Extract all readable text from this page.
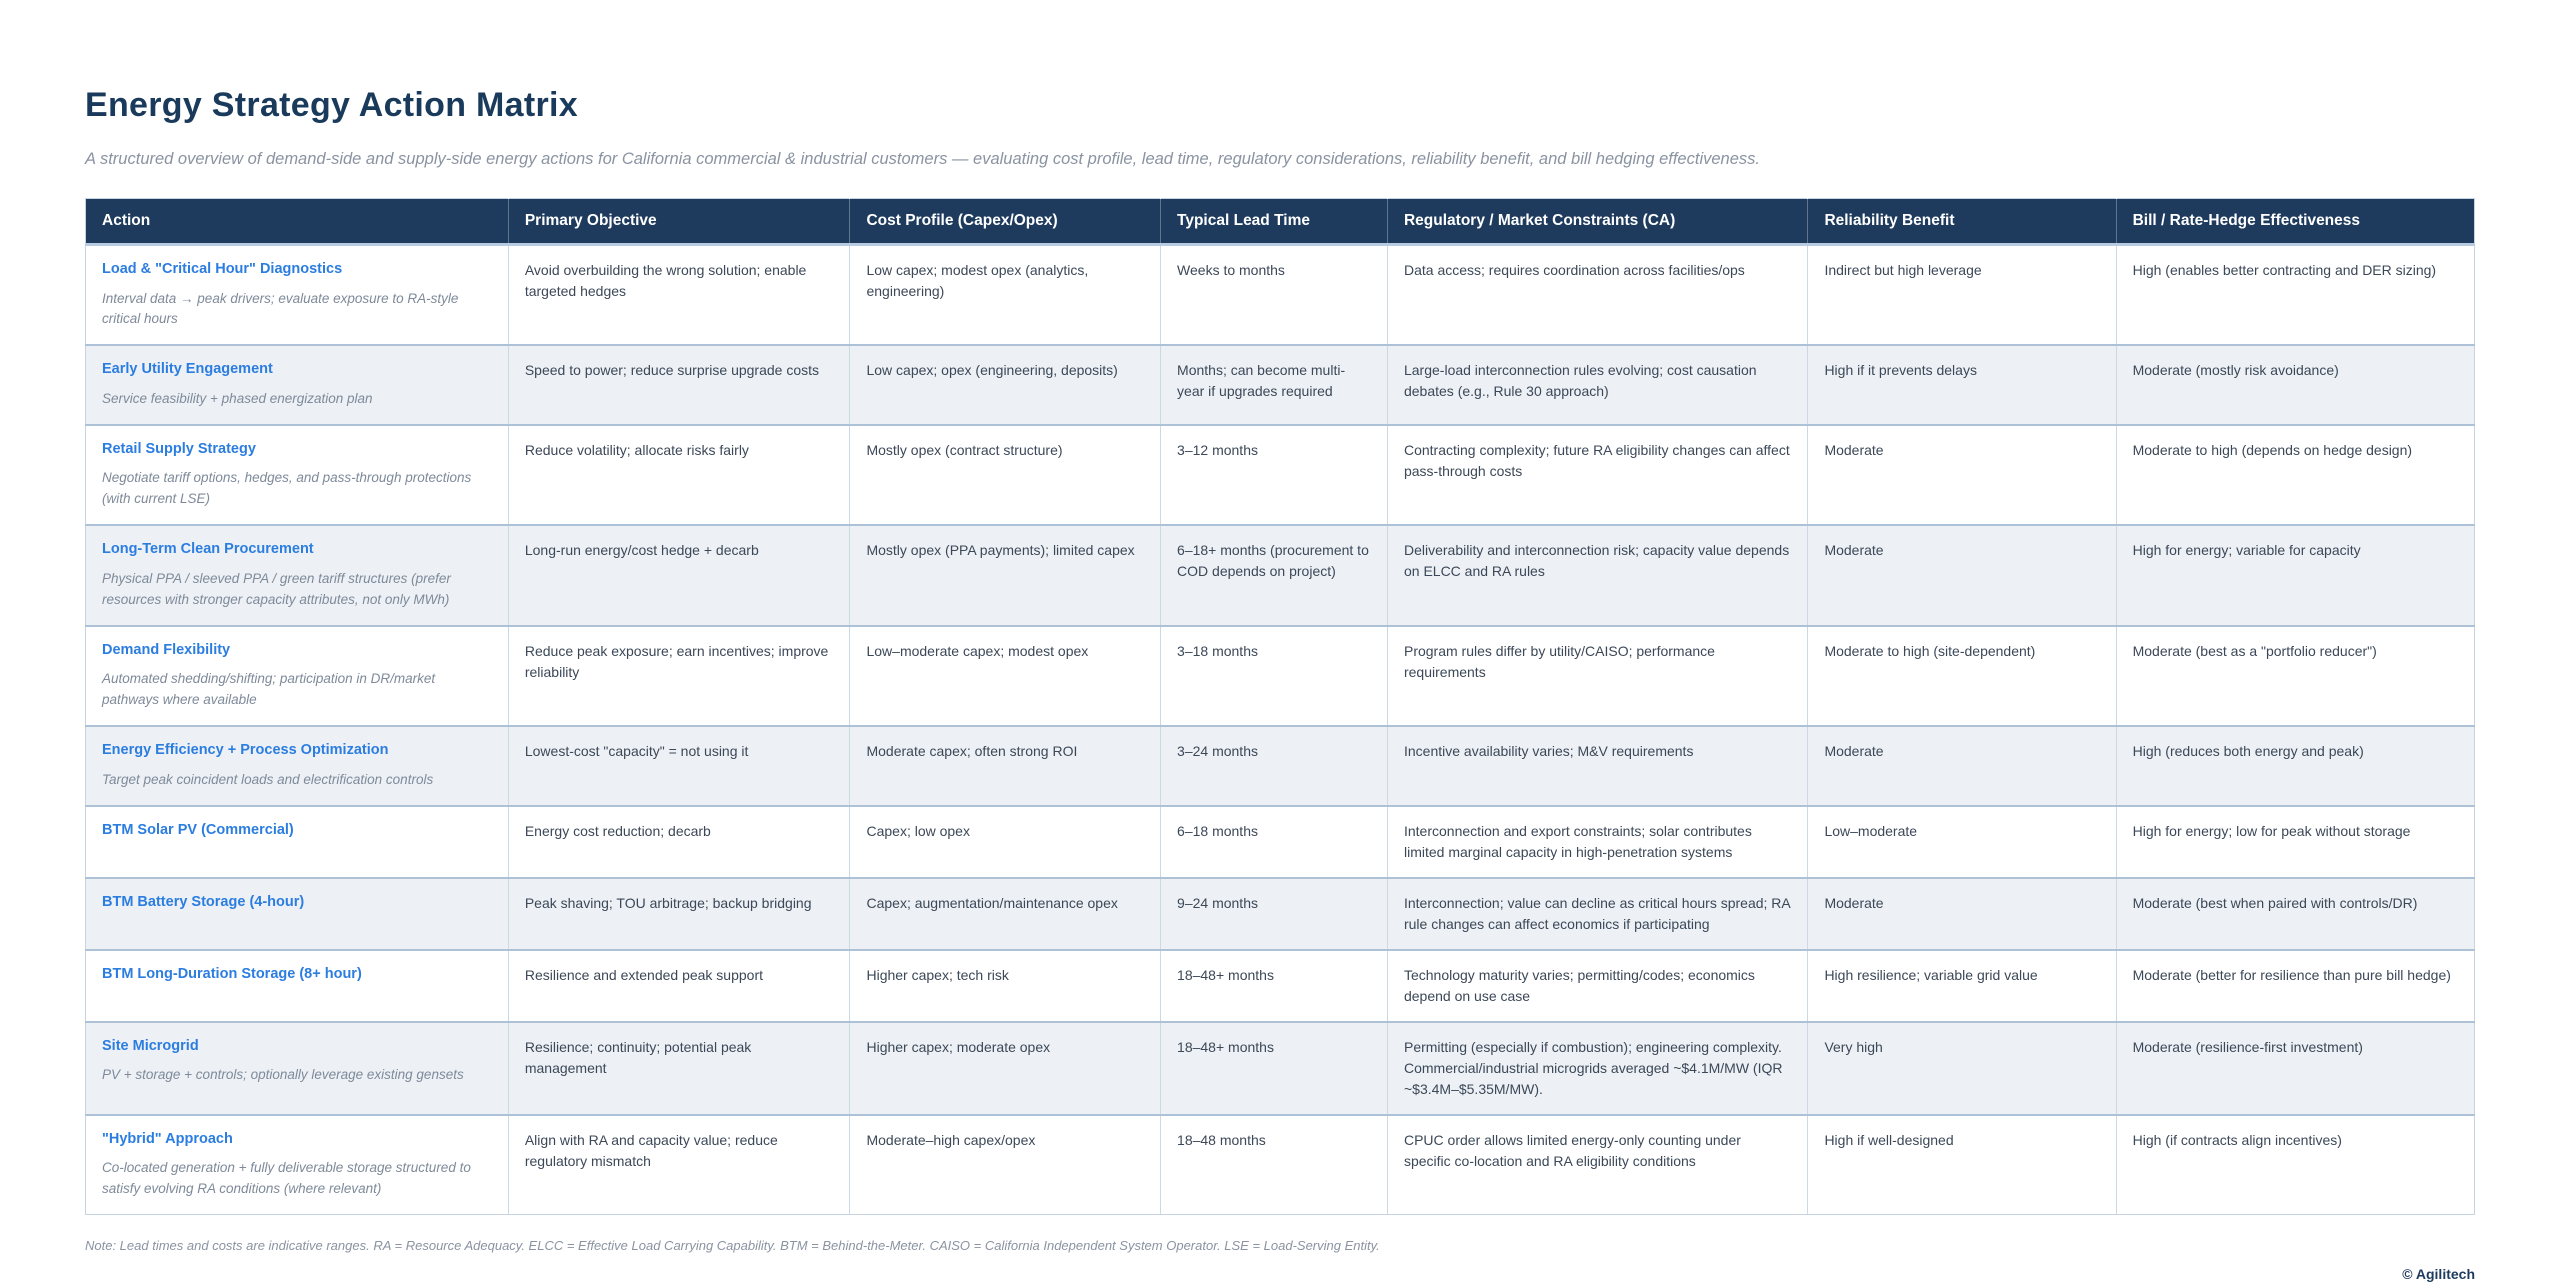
Energy Strategy Action Matrix

A structured overview of demand-side and supply-side energy actions for California commercial & industrial customers — evaluating cost profile, lead time, regulatory considerations, reliability benefit, and bill hedging effectiveness.

Action	Primary Objective	Cost Profile (Capex/Opex)	Typical Lead Time	Regulatory / Market Constraints (CA)	Reliability Benefit	Bill / Rate-Hedge Effectiveness

Load & "Critical Hour" Diagnostics
Interval data → peak drivers; evaluate exposure to RA-style critical hours	Avoid overbuilding the wrong solution; enable targeted hedges	Low capex; modest opex (analytics, engineering)	Weeks to months	Data access; requires coordination across facilities/ops	Indirect but high leverage	High (enables better contracting and DER sizing)

Early Utility Engagement
Service feasibility + phased energization plan	Speed to power; reduce surprise upgrade costs	Low capex; opex (engineering, deposits)	Months; can become multi-year if upgrades required	Large-load interconnection rules evolving; cost causation debates (e.g., Rule 30 approach)	High if it prevents delays	Moderate (mostly risk avoidance)

Retail Supply Strategy
Negotiate tariff options, hedges, and pass-through protections (with current LSE)	Reduce volatility; allocate risks fairly	Mostly opex (contract structure)	3–12 months	Contracting complexity; future RA eligibility changes can affect pass-through costs	Moderate	Moderate to high (depends on hedge design)

Long-Term Clean Procurement
Physical PPA / sleeved PPA / green tariff structures (prefer resources with stronger capacity attributes, not only MWh)	Long-run energy/cost hedge + decarb	Mostly opex (PPA payments); limited capex	6–18+ months (procurement to COD depends on project)	Deliverability and interconnection risk; capacity value depends on ELCC and RA rules	Moderate	High for energy; variable for capacity

Demand Flexibility
Automated shedding/shifting; participation in DR/market pathways where available	Reduce peak exposure; earn incentives; improve reliability	Low–moderate capex; modest opex	3–18 months	Program rules differ by utility/CAISO; performance requirements	Moderate to high (site-dependent)	Moderate (best as a "portfolio reducer")

Energy Efficiency + Process Optimization
Target peak coincident loads and electrification controls	Lowest-cost "capacity" = not using it	Moderate capex; often strong ROI	3–24 months	Incentive availability varies; M&V requirements	Moderate	High (reduces both energy and peak)

BTM Solar PV (Commercial)	Energy cost reduction; decarb	Capex; low opex	6–18 months	Interconnection and export constraints; solar contributes limited marginal capacity in high-penetration systems	Low–moderate	High for energy; low for peak without storage

BTM Battery Storage (4-hour)	Peak shaving; TOU arbitrage; backup bridging	Capex; augmentation/maintenance opex	9–24 months	Interconnection; value can decline as critical hours spread; RA rule changes can affect economics if participating	Moderate	Moderate (best when paired with controls/DR)

BTM Long-Duration Storage (8+ hour)	Resilience and extended peak support	Higher capex; tech risk	18–48+ months	Technology maturity varies; permitting/codes; economics depend on use case	High resilience; variable grid value	Moderate (better for resilience than pure bill hedge)

Site Microgrid
PV + storage + controls; optionally leverage existing gensets	Resilience; continuity; potential peak management	Higher capex; moderate opex	18–48+ months	Permitting (especially if combustion); engineering complexity. Commercial/industrial microgrids averaged ~$4.1M/MW (IQR ~$3.4M–$5.35M/MW).	Very high	Moderate (resilience-first investment)

"Hybrid" Approach
Co-located generation + fully deliverable storage structured to satisfy evolving RA conditions (where relevant)	Align with RA and capacity value; reduce regulatory mismatch	Moderate–high capex/opex	18–48 months	CPUC order allows limited energy-only counting under specific co-location and RA eligibility conditions	High if well-designed	High (if contracts align incentives)

Note: Lead times and costs are indicative ranges. RA = Resource Adequacy. ELCC = Effective Load Carrying Capability. BTM = Behind-the-Meter. CAISO = California Independent System Operator. LSE = Load-Serving Entity.

© Agilitech
